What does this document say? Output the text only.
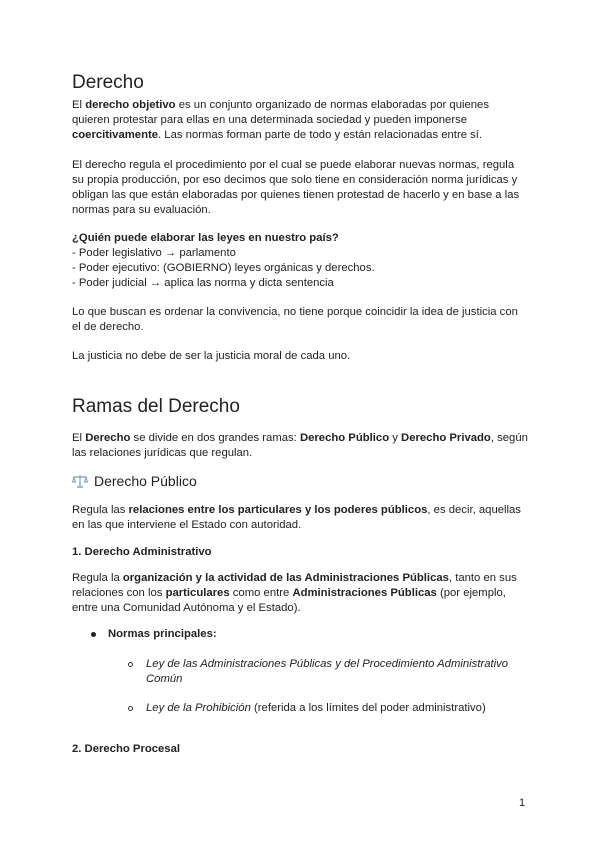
Derecho
El derecho objetivo es un conjunto organizado de normas elaboradas por quienes quieren protestar para ellas en una determinada sociedad y pueden imponerse coercitivamente. Las normas forman parte de todo y están relacionadas entre sí.
El derecho regula el procedimiento por el cual se puede elaborar nuevas normas, regula su propia producción, por eso decimos que solo tiene en consideración norma jurídicas y obligan las que están elaboradas por quienes tienen protestad de hacerlo y en base a las normas para su evaluación.
¿Quién puede elaborar las leyes en nuestro país?
- Poder legislativo → parlamento
- Poder ejecutivo: (GOBIERNO) leyes orgánicas y derechos.
- Poder judicial → aplica las norma y dicta sentencia
Lo que buscan es ordenar la convivencia, no tiene porque coincidir la idea de justicia con el de derecho.
La justicia no debe de ser la justicia moral de cada uno.
Ramas del Derecho
El Derecho se divide en dos grandes ramas: Derecho Público y Derecho Privado, según las relaciones jurídicas que regulan.
Derecho Público
Regula las relaciones entre los particulares y los poderes públicos, es decir, aquellas en las que interviene el Estado con autoridad.
1. Derecho Administrativo
Regula la organización y la actividad de las Administraciones Públicas, tanto en sus relaciones con los particulares como entre Administraciones Públicas (por ejemplo, entre una Comunidad Autónoma y el Estado).
Normas principales:
Ley de las Administraciones Públicas y del Procedimiento Administrativo Común
Ley de la Prohibición (referida a los límites del poder administrativo)
2. Derecho Procesal
1
